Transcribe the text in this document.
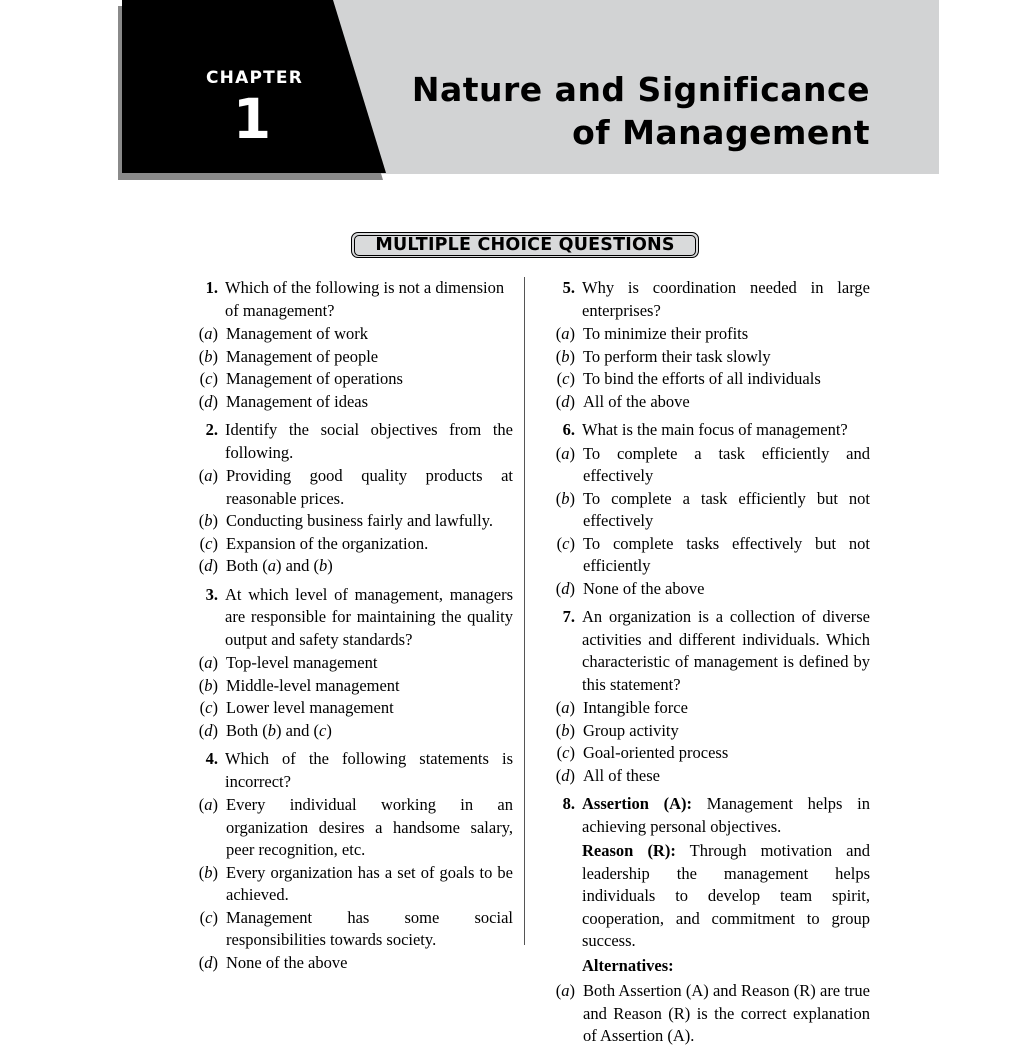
CHAPTER
1	Nature and Significance
of Management
MULTIPLE CHOICE QUESTIONS
1. Which of the following is not a dimension of management?
(a) Management of work
(b) Management of people
(c) Management of operations
(d) Management of ideas
2. Identify the social objectives from the following.
(a) Providing good quality products at reasonable prices.
(b) Conducting business fairly and lawfully.
(c) Expansion of the organization.
(d) Both (a) and (b)
3. At which level of management, managers are responsible for maintaining the quality output and safety standards?
(a) Top-level management
(b) Middle-level management
(c) Lower level management
(d) Both (b) and (c)
4. Which of the following statements is incorrect?
(a) Every individual working in an organization desires a handsome salary, peer recognition, etc.
(b) Every organization has a set of goals to be achieved.
(c) Management has some social responsibilities towards society.
(d) None of the above
5. Why is coordination needed in large enterprises?
(a) To minimize their profits
(b) To perform their task slowly
(c) To bind the efforts of all individuals
(d) All of the above
6. What is the main focus of management?
(a) To complete a task efficiently and effectively
(b) To complete a task efficiently but not effectively
(c) To complete tasks effectively but not efficiently
(d) None of the above
7. An organization is a collection of diverse activities and different individuals. Which characteristic of management is defined by this statement?
(a) Intangible force
(b) Group activity
(c) Goal-oriented process
(d) All of these
8. Assertion (A): Management helps in achieving personal objectives.
Reason (R): Through motivation and leadership the management helps individuals to develop team spirit, cooperation, and commitment to group success.
Alternatives:
(a) Both Assertion (A) and Reason (R) are true and Reason (R) is the correct explanation of Assertion (A).
